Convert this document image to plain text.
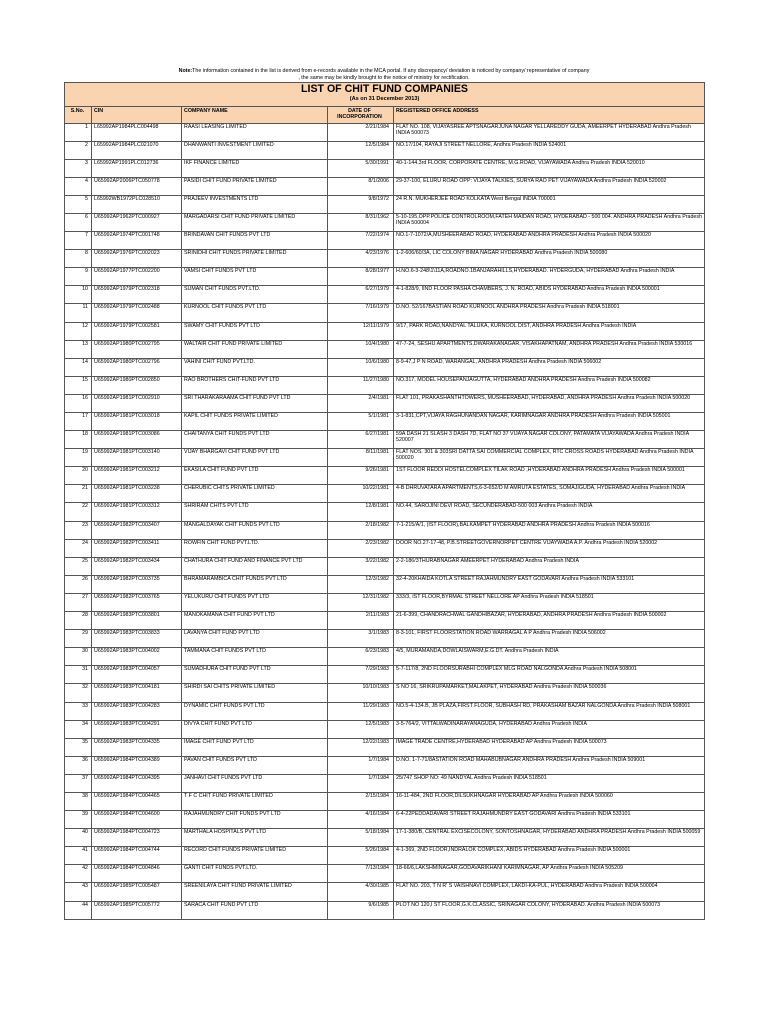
Note:The information contained in the list is derived from e-records available in the MCA portal. If any discrepancy/ deviation is noticed by company/ representative of company
, the same may be kindly brought to the notice of ministry for rectification.
LIST OF CHIT FUND COMPANIES
(As on 31 December 2013)				

S.No.	CIN	COMPANY NAME	DATE OF INCORPORATION	REGISTERED OFFICE ADDRESS
1	L65992AP1984PLC004498	RAASI LEASING LIMITED	2/21/1984	FLAT NO. 108, VIJAYASREE APTSNAGARJUNA NAGAR YELLAREDDY GUDA, AMEERPET HYDERABAD Andhra Pradesh INDIA 500073
2	L65992AP1984PLC021070	DHANWANTI INVESTMENT LIMITED	12/5/1984	NO.17/104, RAYAJI STREET NELLORE, Andhra Pradesh INDIA 524001
3	L65992AP1991PLC012736	IKF FINANCE LIMITED	5/30/1991	40-1-144,3rd FLOOR, CORPORATE CENTRE, M.G.ROAD, VIJAYAWADA Andhra Pradesh INDIA 520010
4	U65992AP2006PTC050778	PASIDI CHIT FUND PRIVATE LIMITED	8/1/2006	29-37-100, ELURU ROAD OPP: VIJAYA TALKIES, SURYA RAO PET VIJAYAWADA Andhra Pradesh INDIA 520002
5	L65992WB1972PLC028510	PRAJEEV INVESTMENTS LTD	9/8/1972	24 R.N. MUKHERJEE ROAD KOLKATA West Bengal INDIA 700001
6	U65992AP1962PTC000927	MARGADARSI CHIT FUND PRIVATE LIMITED	8/31/1962	5-10-195,OPP.POLICE CONTROLROOM,FATEH MAIDAN ROAD, HYDERABAD - 500 004. ANDHRA PRADESH Andhra Pradesh INDIA 500004
7	U65992AP1974PTC001748	BRINDAVAN CHIT FUNDS PVT LTD	7/22/1974	NO.1-7-1072/A,MUSHEERABAD ROAD, HYDERABAD ANDHRA PRADESH Andhra Pradesh INDIA 500020
8	U65992AP1976PTC002023	SRINIDHI CHIT FUNDS PRIVATE LIMITED	4/23/1976	1-2-606/60/3A, LIC COLONY BIMA NAGAR HYDERABAD Andhra Pradesh INDIA 500080
9	U65992AP1977PTC002200	VAMSI CHIT FUNDS PVT LTD	8/28/1977	H.NO.6-3-248\1\11A,ROADNO.1BANJARAHILLS,HYDERABAD. HYDERGUDA, HYDERABAD Andhra Pradesh INDIA
10	U65992AP1979PTC002318	SUMAN CHIT FUNDS PVT.LTD.	6/27/1979	4-1-828/9, IIND FLOOR PASHA CHAMBERS, J. N. ROAD, ABIDS HYDERABAD Andhra Pradesh INDIA 500001
11	U65992AP1979PTC002488	KURNOOL CHIT FUNDS PVT LTD	7/16/1979	D.NO. 52/167BASTIAN ROAD KURNOOL ANDHRA PRADESH Andhra Pradesh INDIA 518001
12	U65992AP1979PTC002581	SWAMY CHIT FUNDS PVT LTD	12/11/1979	9/17, PARK ROAD,NANDYAL TALUKA, KURNOOL DIST, ANDHRA PRADESH Andhra Pradesh INDIA
13	U65992AP1980PTC002795	WALTAIR CHIT FUND PRIVATE LIMITED	10/4/1980	47-7-24, SESHU APARTMENTS,DWARAKANAGAR, VISAKHAPATNAM, ANDHRA PRADESH Andhra Pradesh INDIA 530016
14	U65992AP1980PTC002796	VAHINI CHIT FUND PVT.LTD.	10/6/1980	8-9-47,J P N ROAD, WARANGAL, ANDHRA PRADESH Andhra Pradesh INDIA 506002
15	U65992AP1980PTC002850	RAO BROTHERS CHIT-FUND PVT LTD	11/27/1980	NO.317, MODEL HOUSEPANJAGUTTA, HYDERABAD ANDHRA PRADESH Andhra Pradesh INDIA 500082
16	U65992AP1981PTC002910	SRI THARAKARAAMA CHIT FUND PVT LTD	2/4/1981	FLAT 101, PRAKASHANTHTOWERS, MUSHEERABAD, HYDERABAD, ANDHRA PRADESH Andhra Pradesh INDIA 500020
17	U65992AP1981PTC003018	KAPIL CHIT FUNDS PRIVATE LIMITED	5/1/1981	3-1-831,CPT,VIJAYA RAGHUNANDAN NAGAR, KARIMNAGAR ANDHRA PRADESH Andhra Pradesh INDIA 505001
18	U65992AP1981PTC003086	CHAITANYA CHIT FUNDS PVT LTD	6/27/1981	59A DASH 21 SLASH 3 DASH 7D, FLAT NO 37 VIJAYA NAGAR COLONY, PATAMATA VIJAYAWADA Andhra Pradesh INDIA 520007
19	U65992AP1981PTC003140	VIJAY BHARGAVI CHIT FUND PVT LTD	8/11/1981	FLAT NOS. 301 & 303SRI DATTA SAI COMMERCIAL COMPLEX, RTC CROSS ROADS HYDERABAD Andhra Pradesh INDIA 500020
20	U65992AP1981PTC003212	EKASILA CHIT FUND PVT LTD	9/26/1981	1ST FLOOR REDDI HOSTELCOMPLEX TILAK ROAD ,HYDERABAD ANDHRA PRADESH Andhra Pradesh INDIA 500001
21	U65992AP1981PTC003238	CHERUBIC CHITS PRIVATE LIMITED	10/22/1981	4-B DHRUVATARA APARTMENTS,6-3-652/D M AMRUTA ESTATES, SOMAJIGUDA, HYDERABAD Andhra Pradesh INDIA
22	U65992AP1981PTC003312	SHRIRAM CHITS PVT LTD	12/8/1981	NO.44, SAROJINI DEVI ROAD, SECUNDERABAD-500 003 Andhra Pradesh INDIA
23	U65992AP1982PTC003407	MANGALDAYAK CHIT FUNDS PVT LTD	2/18/1982	7-1-215/A/1, (IST FLOOR),BALKAMPET HYDERABAD ANDHRA PRADESH Andhra Pradesh INDIA 500016
24	U65992AP1982PTC003411	ROWFIN CHIT FUND PVT.LTD.	2/23/1982	DOOR NO.27-17-48, P.B.STREETGOVERNORPET CENTRE VIJAYWADA A.P. Andhra Pradesh INDIA 520002
25	U65992AP1982PTC003434	CHATHURA CHIT FUND AND FINANCE PVT LTD	3/22/1982	2-2-186/3THURABNAGAR AMEERPET HYDERABAD Andhra Pradesh INDIA
26	U65992AP1982PTC003735	BHRAMARAMBICA CHIT FUNDS PVT LTD	12/3/1982	32-4-20KHAIDA KOTLA STREET RAJAHMUNDRY EAST GODAVARI Andhra Pradesh INDIA 533101
27	U65992AP1982PTC003765	YELUKURU CHIT FUNDS PVT LTD	12/31/1982	333/3, IST FLOOR,BYRMAL STREET NELLORE AP Andhra Pradesh INDIA 518501
28	U65992AP1983PTC003801	MANOKAMANA CHIT FUND PVT LTD	2/11/1983	21-6-399, CHANDRACHWAL GANDHIBAZAR, HYDERABAD, ANDHRA PRADESH Andhra Pradesh INDIA 500002
29	U65992AP1983PTC003833	LAVANYA CHIT FUND PVT LTD	3/1/1983	8-3-101, FIRST FLOORSTATION ROAD WARRAGAL A P Andhra Pradesh INDIA 506002
30	U65992AP1983PTC004002	TAMMANA CHIT FUNDS PVT LTD	6/23/1983	4/5, MURAMANDA,DOWLAISWARM,E.G.DT. Andhra Pradesh INDIA
31	U65992AP1983PTC004057	SUMADHURA CHIT FUND PVT LTD	7/29/1983	5-7-117/8, 2ND FLOORSURABHI COMPLEX MLG ROAD NALGONDA Andhra Pradesh INDIA 508001
32	U65992AP1983PTC004181	SHIRDI SAI CHITS PRIVATE LIMITED	10/10/1983	S NO 16, SRIKRUPAMARKET,MALAKPET, HYDERABAD Andhra Pradesh INDIA 500036
33	U65992AP1983PTC004283	DYNAMIC CHIT FUNDS PVT LTD	11/29/1983	NO.5-4-134.B, JB PLAZA,FIRST FLOOR, SUBHASH RD, PRAKASHAM BAZAR NALGONDA Andhra Pradesh INDIA 508001
34	U65992AP1983PTC004291	DIVYA CHIT FUND PVT LTD	12/5/1983	3-5-764/2, VITTALWADINARAYANAGUDA, HYDERABAD Andhra Pradesh INDIA
35	U65992AP1983PTC004335	IMAGE CHIT FUND PVT LTD	12/22/1983	IMAGE TRADE CENTRE,HYDERABAD HYDERABAD AP Andhra Pradesh INDIA 500073
36	U65992AP1984PTC004389	PAVAN CHIT FUNDS PVT LTD	1/7/1984	D.NO. 1-7-71/8ASTATION ROAD MAHABUBNAGAR ANDHRA PRADESH Andhra Pradesh INDIA 509001
37	U65992AP1984PTC004395	JANHAVI CHIT FUNDS PVT LTD	1/7/1984	25/747 SHOP NO: 49 NANDYAL Andhra Pradesh INDIA 518501
38	U65992AP1984PTC004465	T F C CHIT FUND PRIVATE LIMITED	2/15/1984	16-11-484, 2ND FLOOR,DILSUKHNAGAR HYDERABAD AP Andhra Pradesh INDIA 500060
39	U65992AP1984PTC004600	RAJAHMUNDRY CHIT FUNDS PVT LTD	4/16/1984	6-4-22PEDDADAVARI STREET RAJAHMUNDRY EAST GODAVARI Andhra Pradesh INDIA 533101
40	U65992AP1984PTC004723	MARTHALA HOSPITALS PVT LTD	5/18/1984	17-1-380/B, CENTRAL EXCISECOLONY, SONTOSHNAGAR, HYDERABAD ANDHRA PRADESH Andhra Pradesh INDIA 500059
41	U65992AP1984PTC004744	RECORD CHIT FUNDS PRIVATE LIMITED	5/26/1984	4-1-369, 2ND FLOOR,INDRALOK COMPLEX, ABIDS HYDERABAD Andhra Pradesh INDIA 500001
42	U65992AP1984PTC004846	GANTI CHIT FUNDS PVT.LTD.	7/13/1984	18-66/6,LAKSHMINAGAR,GODAVARIKHANI KARIMNAGAR, AP Andhra Pradesh INDIA 505209
43	U65992AP1985PTC005487	SREENILAYA CHIT FUND PRIVATE LIMITED	4/30/1985	FLAT NO. 203, T N R' S VAISHNAVI COMPLEX, LAKDI-KA-PUL, HYDERABAD Andhra Pradesh INDIA 500004
44	U65992AP1985PTC005772	SARACA CHIT FUND PVT LTD	9/6/1985	PLOT NO 120,I ST FLOOR,G.K.CLASSIC, SRINAGAR COLONY, HYDERABAD. Andhra Pradesh INDIA 500073
